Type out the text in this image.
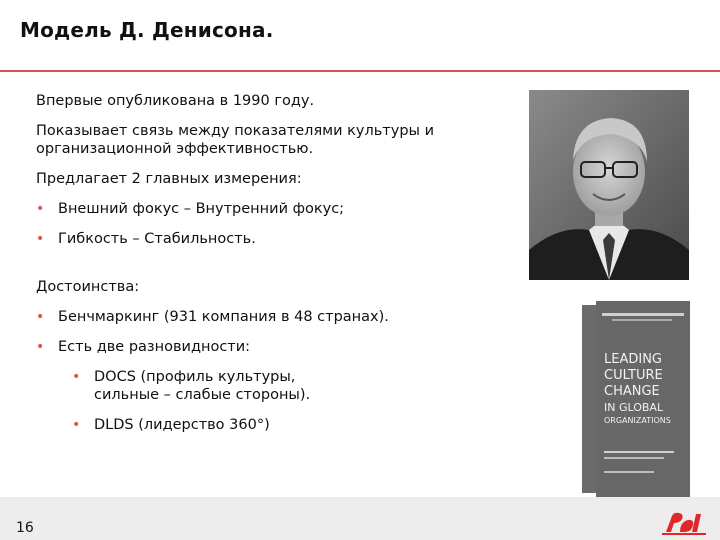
Модель Д. Денисона.
Впервые опубликована в 1990 году.
Показывает связь между показателями культуры и организационной эффективностью.
Предлагает 2 главных измерения:
• Внешний фокус – Внутренний фокус;
• Гибкость – Стабильность.
Достоинства:
• Бенчмаркинг (931 компания в 48 странах).
• Есть две разновидности:
• DOCS (профиль культуры, сильные – слабые стороны).
• DLDS (лидерство 360°)
LEADING
CULTURE
CHANGE
IN GLOBAL
ORGANIZATIONS
16
